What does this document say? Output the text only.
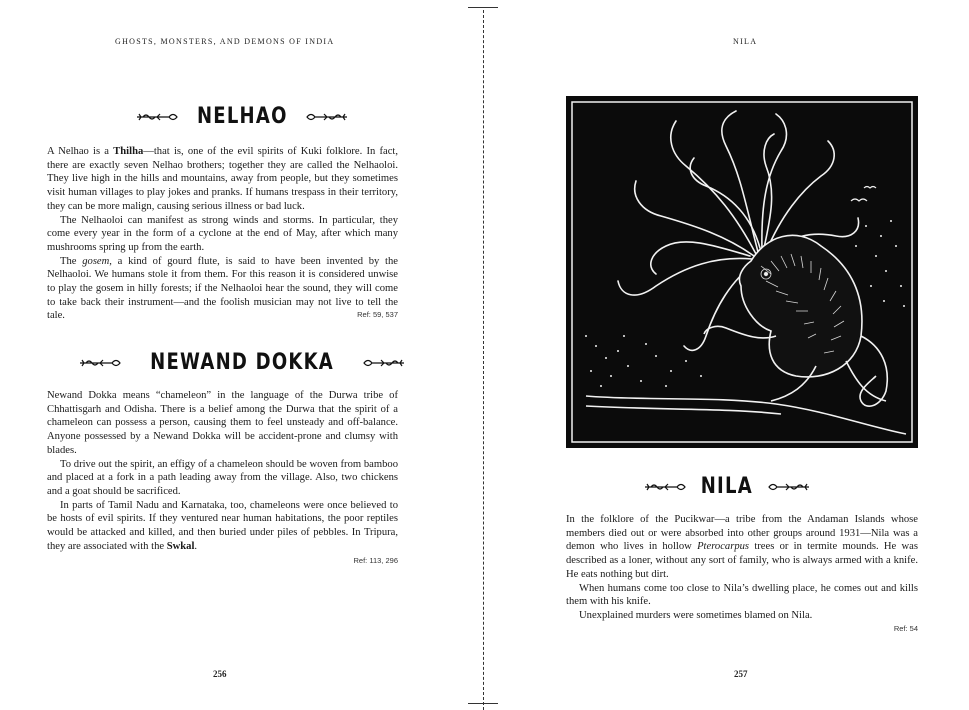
GHOSTS, MONSTERS, AND DEMONS OF INDIA
NELHAO

A Nelhao is a Thilha—that is, one of the evil spirits of Kuki folklore. In fact, there are exactly seven Nelhao brothers; together they are called the Nelhaoloi. They live high in the hills and mountains, away from people, but they sometimes visit human villages to play jokes and pranks. If humans trespass in their territory, they can be more malign, causing serious illness or bad luck.

The Nelhaoloi can manifest as strong winds and storms. In particular, they come every year in the form of a cyclone at the end of May, after which many mushrooms spring up from the earth.

The gosem, a kind of gourd flute, is said to have been invented by the Nelhaoloi. We humans stole it from them. For this reason it is considered unwise to play the gosem in hilly forests; if the Nelhaoloi hear the sound, they will come to take back their instrument—and the foolish musician may not live to tell the tale.	Ref: 59, 537
NEWAND DOKKA

Newand Dokka means “chameleon” in the language of the Durwa tribe of Chhattisgarh and Odisha. There is a belief among the Durwa that the spirit of a chameleon can possess a person, causing them to feel unsteady and off-balance. Anyone possessed by a Newand Dokka will be accident-prone and clumsy with blades.

To drive out the spirit, an effigy of a chameleon should be woven from bamboo and placed at a fork in a path leading away from the village. Also, two chickens and a goat should be sacrificed.

In parts of Tamil Nadu and Karnataka, too, chameleons were once believed to be hosts of evil spirits. If they ventured near human habitations, the poor reptiles would be attacked and killed, and then buried under piles of pebbles. In Tripura, they are associated with the Swkal.

Ref: 113, 296
256
NILA
NILA

In the folklore of the Pucikwar—a tribe from the Andaman Islands whose members died out or were absorbed into other groups around 1931—Nila was a demon who lives in hollow Pterocarpus trees or in termite mounds. He was described as a loner, without any sort of family, who is always armed with a knife. He eats nothing but dirt.

When humans come too close to Nila’s dwelling place, he comes out and kills them with his knife.

Unexplained murders were sometimes blamed on Nila.

Ref: 54
257
